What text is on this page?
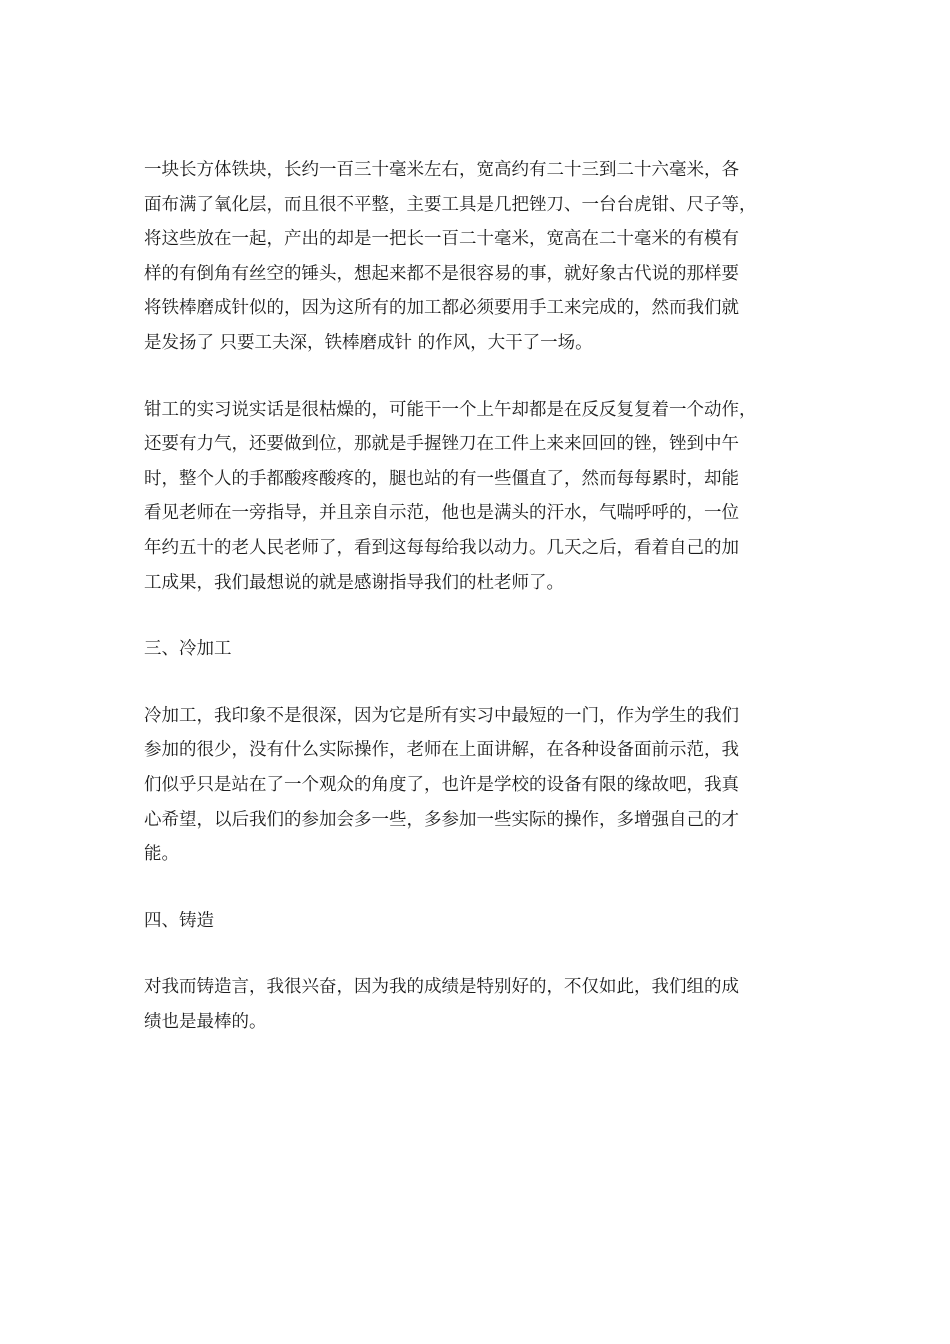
一块长方体铁块，长约一百三十毫米左右，宽高约有二十三到二十六毫米，各
面布满了氧化层，而且很不平整，主要工具是几把锉刀、一台台虎钳、尺子等，
将这些放在一起，产出的却是一把长一百二十毫米，宽高在二十毫米的有模有
样的有倒角有丝空的锤头，想起来都不是很容易的事，就好象古代说的那样要
将铁棒磨成针似的，因为这所有的加工都必须要用手工来完成的，然而我们就
是发扬了 只要工夫深，铁棒磨成针 的作风，大干了一场。
钳工的实习说实话是很枯燥的，可能干一个上午却都是在反反复复着一个动作，
还要有力气，还要做到位，那就是手握锉刀在工件上来来回回的锉，锉到中午
时，整个人的手都酸疼酸疼的，腿也站的有一些僵直了，然而每每累时，却能
看见老师在一旁指导，并且亲自示范，他也是满头的汗水，气喘呼呼的，一位
年约五十的老人民老师了，看到这每每给我以动力。几天之后，看着自己的加
工成果，我们最想说的就是感谢指导我们的杜老师了。
三、冷加工
冷加工，我印象不是很深，因为它是所有实习中最短的一门，作为学生的我们
参加的很少，没有什么实际操作，老师在上面讲解，在各种设备面前示范，我
们似乎只是站在了一个观众的角度了，也许是学校的设备有限的缘故吧，我真
心希望，以后我们的参加会多一些，多参加一些实际的操作，多增强自己的才
能。
四、铸造
对我而铸造言，我很兴奋，因为我的成绩是特别好的，不仅如此，我们组的成
绩也是最棒的。
